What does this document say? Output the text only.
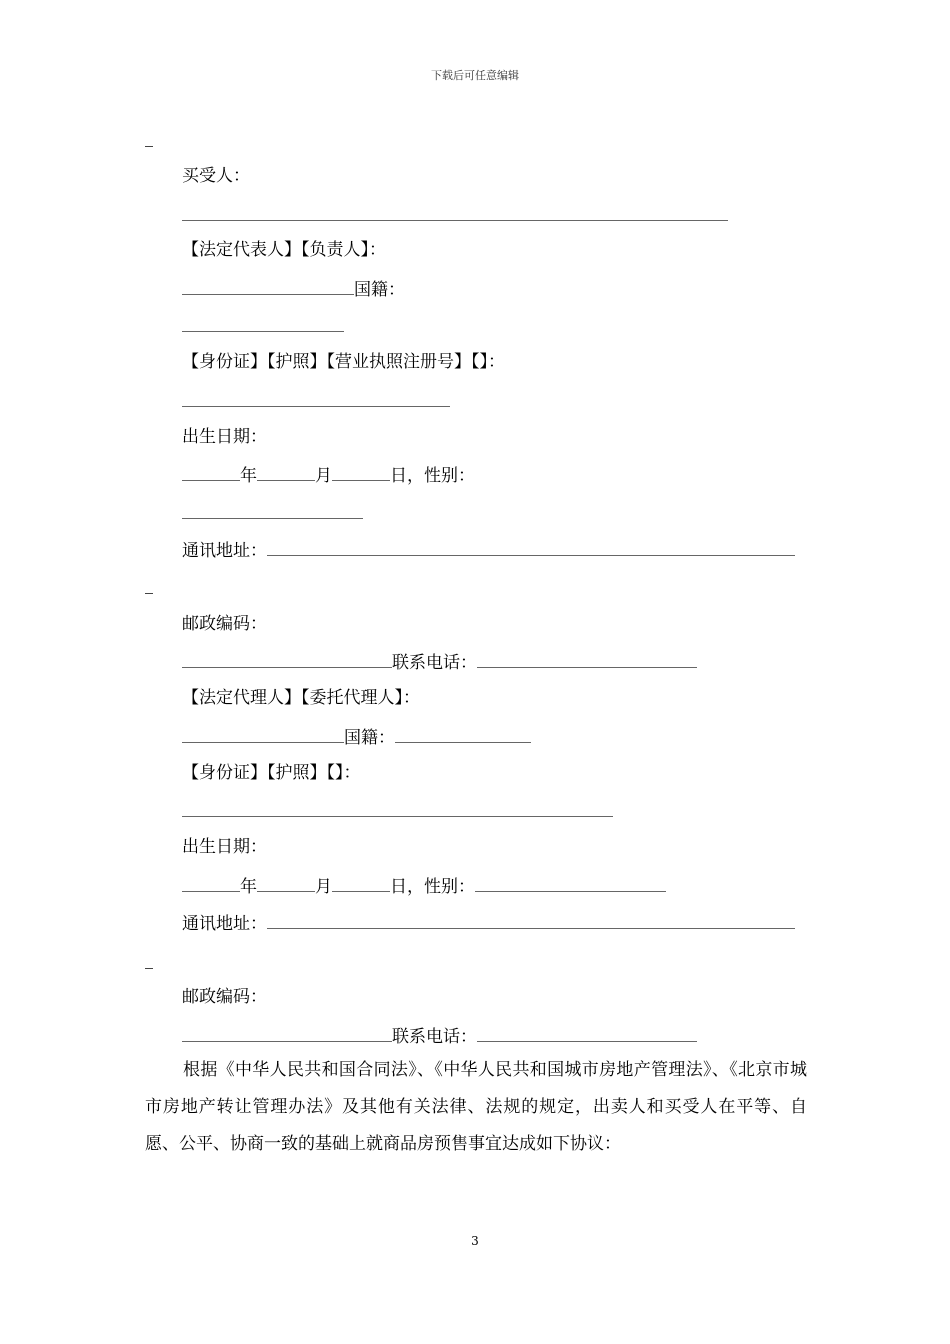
下载后可任意编辑
买受人：
【法定代表人】【负责人】：
国籍：
【身份证】【护照】【营业执照注册号】【】：
出生日期：
年	月	日，性别：
通讯地址：
邮政编码：
联系电话：
【法定代理人】【委托代理人】：
国籍：
【身份证】【护照】【】：
出生日期：
年	月	日，性别：
通讯地址：
邮政编码：
联系电话：
根据《中华人民共和国合同法》、《中华人民共和国城市房地产管理法》、《北京市城市房地产转让管理办法》及其他有关法律、法规的规定，出卖人和买受人在平等、自愿、公平、协商一致的基础上就商品房预售事宜达成如下协议：
3
